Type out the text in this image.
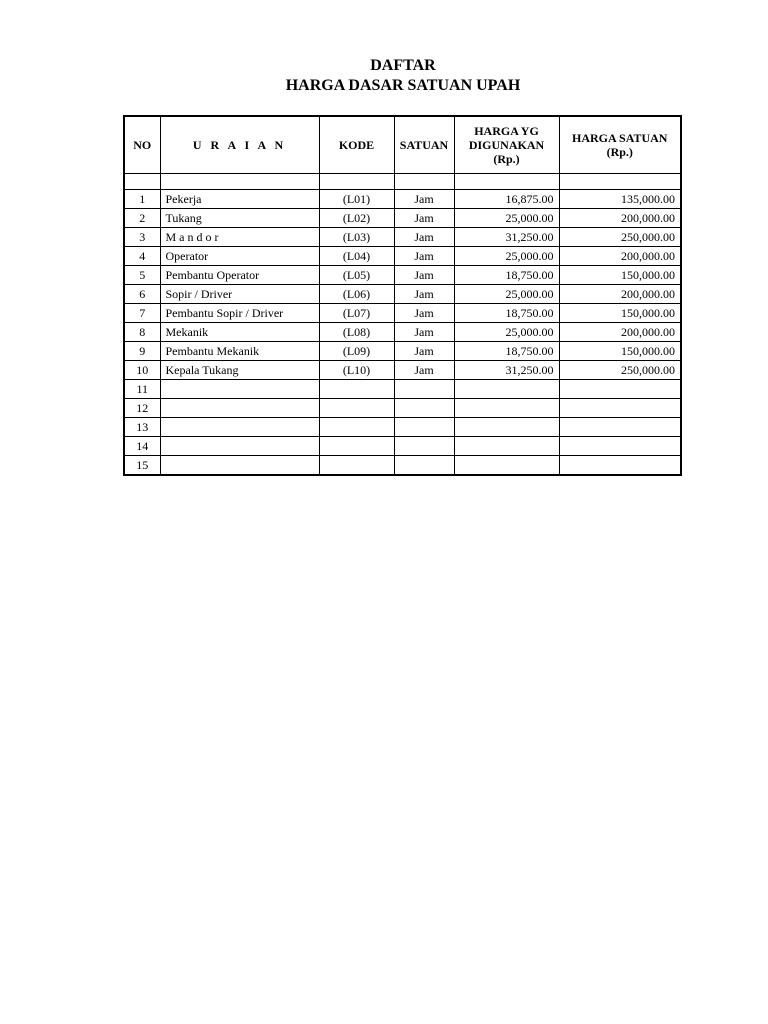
DAFTAR
HARGA DASAR SATUAN UPAH
NO	U R A I A N	KODE	SATUAN	HARGA YG DIGUNAKAN (Rp.)	HARGA SATUAN (Rp.)

1	Pekerja	(L01)	Jam	16,875.00	135,000.00
2	Tukang	(L02)	Jam	25,000.00	200,000.00
3	M a n d o r	(L03)	Jam	31,250.00	250,000.00
4	Operator	(L04)	Jam	25,000.00	200,000.00
5	Pembantu Operator	(L05)	Jam	18,750.00	150,000.00
6	Sopir / Driver	(L06)	Jam	25,000.00	200,000.00
7	Pembantu Sopir / Driver	(L07)	Jam	18,750.00	150,000.00
8	Mekanik	(L08)	Jam	25,000.00	200,000.00
9	Pembantu Mekanik	(L09)	Jam	18,750.00	150,000.00
10	Kepala Tukang	(L10)	Jam	31,250.00	250,000.00
11					
12					
13					
14					
15					
